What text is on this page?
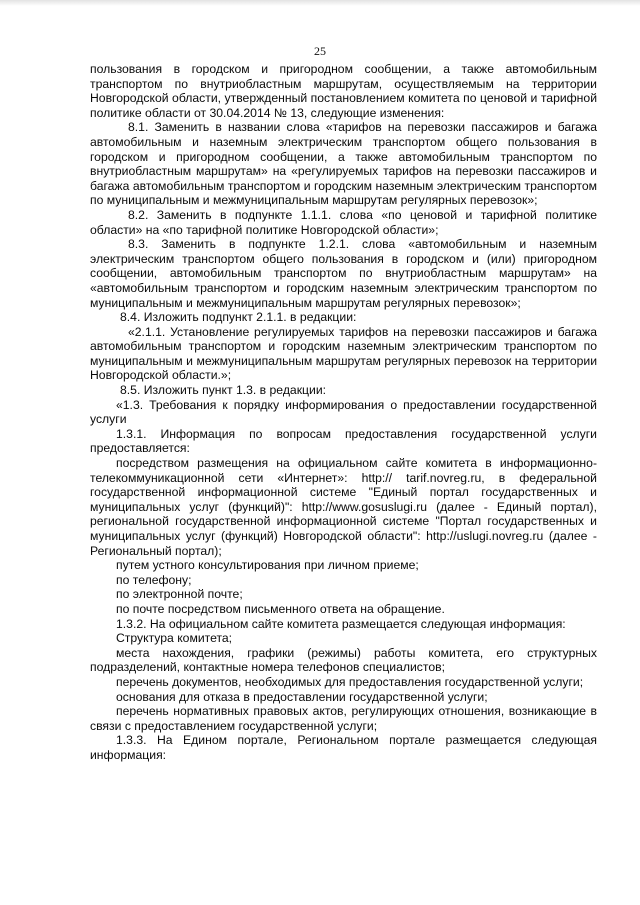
25

пользования в городском и пригородном сообщении, а также автомобильным транспортом по внутриобластным маршрутам, осуществляемым на территории Новгородской области, утвержденный постановлением комитета по ценовой и тарифной политике области от 30.04.2014 № 13, следующие изменения:

8.1. Заменить в названии слова «тарифов на перевозки пассажиров и багажа автомобильным и наземным электрическим транспортом общего пользования в городском и пригородном сообщении, а также автомобильным транспортом по внутриобластным маршрутам» на «регулируемых тарифов на перевозки пассажиров и багажа автомобильным транспортом и городским наземным электрическим транспортом по муниципальным и межмуниципальным маршрутам регулярных перевозок»;

8.2. Заменить в подпункте 1.1.1. слова «по ценовой и тарифной политике области» на «по тарифной политике Новгородской области»;

8.3. Заменить в подпункте 1.2.1. слова «автомобильным и наземным электрическим транспортом общего пользования в городском и (или) пригородном сообщении, автомобильным транспортом по внутриобластным маршрутам» на «автомобильным транспортом и городским наземным электрическим транспортом по муниципальным и межмуниципальным маршрутам регулярных перевозок»;

8.4. Изложить подпункт 2.1.1. в редакции:

«2.1.1. Установление регулируемых тарифов на перевозки пассажиров и багажа автомобильным транспортом и городским наземным электрическим транспортом по муниципальным и межмуниципальным маршрутам регулярных перевозок на территории Новгородской области.»;

8.5. Изложить пункт 1.3. в редакции:

«1.3. Требования к порядку информирования о предоставлении государственной услуги

1.3.1. Информация по вопросам предоставления государственной услуги предоставляется:

посредством размещения на официальном сайте комитета в информационно-телекоммуникационной сети «Интернет»: http:// tarif.novreg.ru, в федеральной государственной информационной системе "Единый портал государственных и муниципальных услуг (функций)": http://www.gosuslugi.ru (далее - Единый портал), региональной государственной информационной системе "Портал государственных и муниципальных услуг (функций) Новгородской области": http://uslugi.novreg.ru (далее - Региональный портал);

путем устного консультирования при личном приеме;

по телефону;

по электронной почте;

по почте посредством письменного ответа на обращение.

1.3.2. На официальном сайте комитета размещается следующая информация:

Структура комитета;

места нахождения, графики (режимы) работы комитета, его структурных подразделений, контактные номера телефонов специалистов;

перечень документов, необходимых для предоставления государственной услуги;

основания для отказа в предоставлении государственной услуги;

перечень нормативных правовых актов, регулирующих отношения, возникающие в связи с предоставлением государственной услуги;

1.3.3. На Едином портале, Региональном портале размещается следующая информация:
